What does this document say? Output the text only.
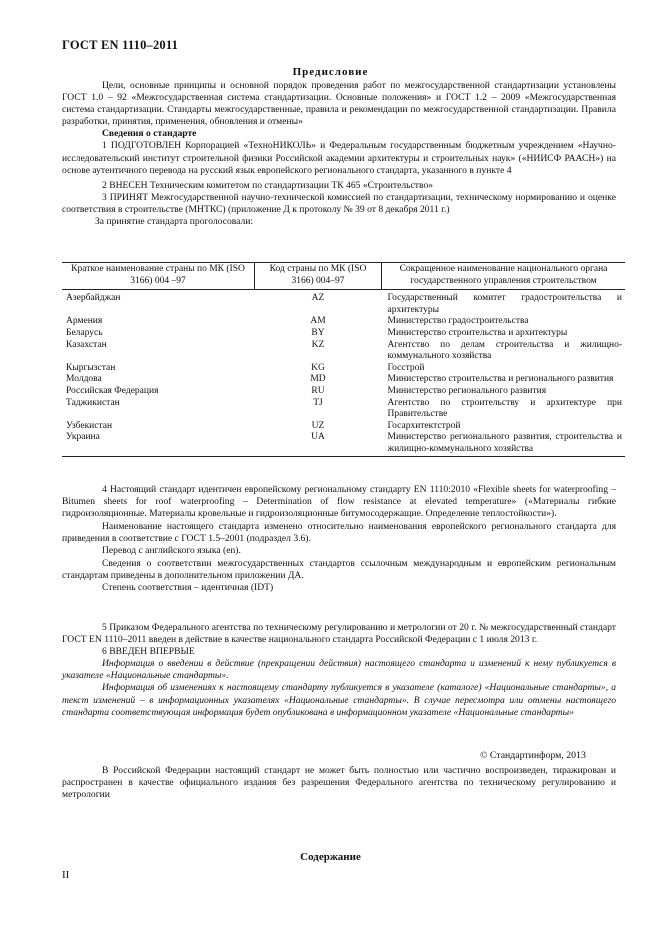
ГОСТ EN 1110–2011
Предисловие

Цели, основные принципы и основной порядок проведения работ по межгосударственной стандартизации установлены ГОСТ 1.0 – 92 «Межгосударственная система стандартизации. Основные положения» и ГОСТ 1.2 – 2009 «Межгосударственная система стандартизации. Стандарты межгосударственные, правила и рекомендации по межгосударственной стандартизации. Правила разработки, принятия, применения, обновления и отмены»

Сведения о стандарте

1 ПОДГОТОВЛЕН Корпорацией «ТехноНИКОЛЬ» и Федеральным государственным бюджетным учреждением «Научно-исследовательский институт строительной физики Российской академии архитектуры и строительных наук» («НИИСФ РААСН») на основе аутентичного перевода на русский язык европейского регионального стандарта, указанного в пункте 4

2 ВНЕСЕН Техническим комитетом по стандартизации ТК 465 «Строительство»

3 ПРИНЯТ Межгосударственной научно-технической комиссией по стандартизации, техническому нормированию и оценке соответствия в строительстве (МНТКС) (приложение Д к протоколу № 39 от 8 декабря 2011 г.)

За принятие стандарта проголосовали:

Краткое наименование страны по МК (ISO 3166) 004 –97	Код страны по МК (ISO 3166) 004–97	Сокращенное наименование национального органа государственного управления строительством
Азербайджан	AZ	Государственный комитет градостроительства и архитектуры
Армения	AM	Министерство градостроительства
Беларусь	BY	Министерство строительства и архитектуры
Казахстан	KZ	Агентство по делам строительства и жилищно-коммунального хозяйства
Кыргызстан	KG	Госстрой
Молдова	MD	Министерство строительства и регионального развития
Российская Федерация	RU	Министерство регионального развития
Таджикистан	TJ	Агентство по строительству и архитектуре при Правительстве
Узбекистан	UZ	Госархитектстрой
Украина	UA	Министерство регионального развития, строительства и жилищно-коммунального хозяйства

4 Настоящий стандарт идентичен европейскому региональному стандарту EN 1110:2010 «Flexible sheets for waterproofing – Bitumen sheets for roof waterproofing – Determination of flow resistance at elevated temperature» («Материалы гибкие гидроизоляционные. Материалы кровельные и гидроизоляционные битумосодержащие. Определение теплостойкости»).

Наименование настоящего стандарта изменено относительно наименования европейского регионального стандарта для приведения в соответствие с ГОСТ 1.5–2001 (подраздел 3.6).

Перевод с английского языка (en).

Сведения о соответствии межгосударственных стандартов ссылочным международным и европейским региональным стандартам приведены в дополнительном приложении ДА.

Степень соответствия – идентичная (IDT)

5 Приказом Федерального агентства по техническому регулированию и метрологии от 20 г. № межгосударственный стандарт ГОСТ EN 1110–2011 введен в действие в качестве национального стандарта Российской Федерации с 1 июля 2013 г.

6 ВВЕДЕН ВПЕРВЫЕ

Информация о введении в действие (прекращении действия) настоящего стандарта и изменений к нему публикуется в указателе «Национальные стандарты».

Информация об изменениях к настоящему стандарту публикуется в указателе (каталоге) «Национальные стандарты», а текст изменений – в информационных указателях «Национальные стандарты». В случае пересмотра или отмены настоящего стандарта соответствующая информация будет опубликована в информационном указателе «Национальные стандарты»

© Стандартинформ, 2013

В Российской Федерации настоящий стандарт не может быть полностью или частично воспроизведен, тиражирован и распространен в качестве официального издания без разрешения Федерального агентства по техническому регулированию и метрологии

Содержание
II
